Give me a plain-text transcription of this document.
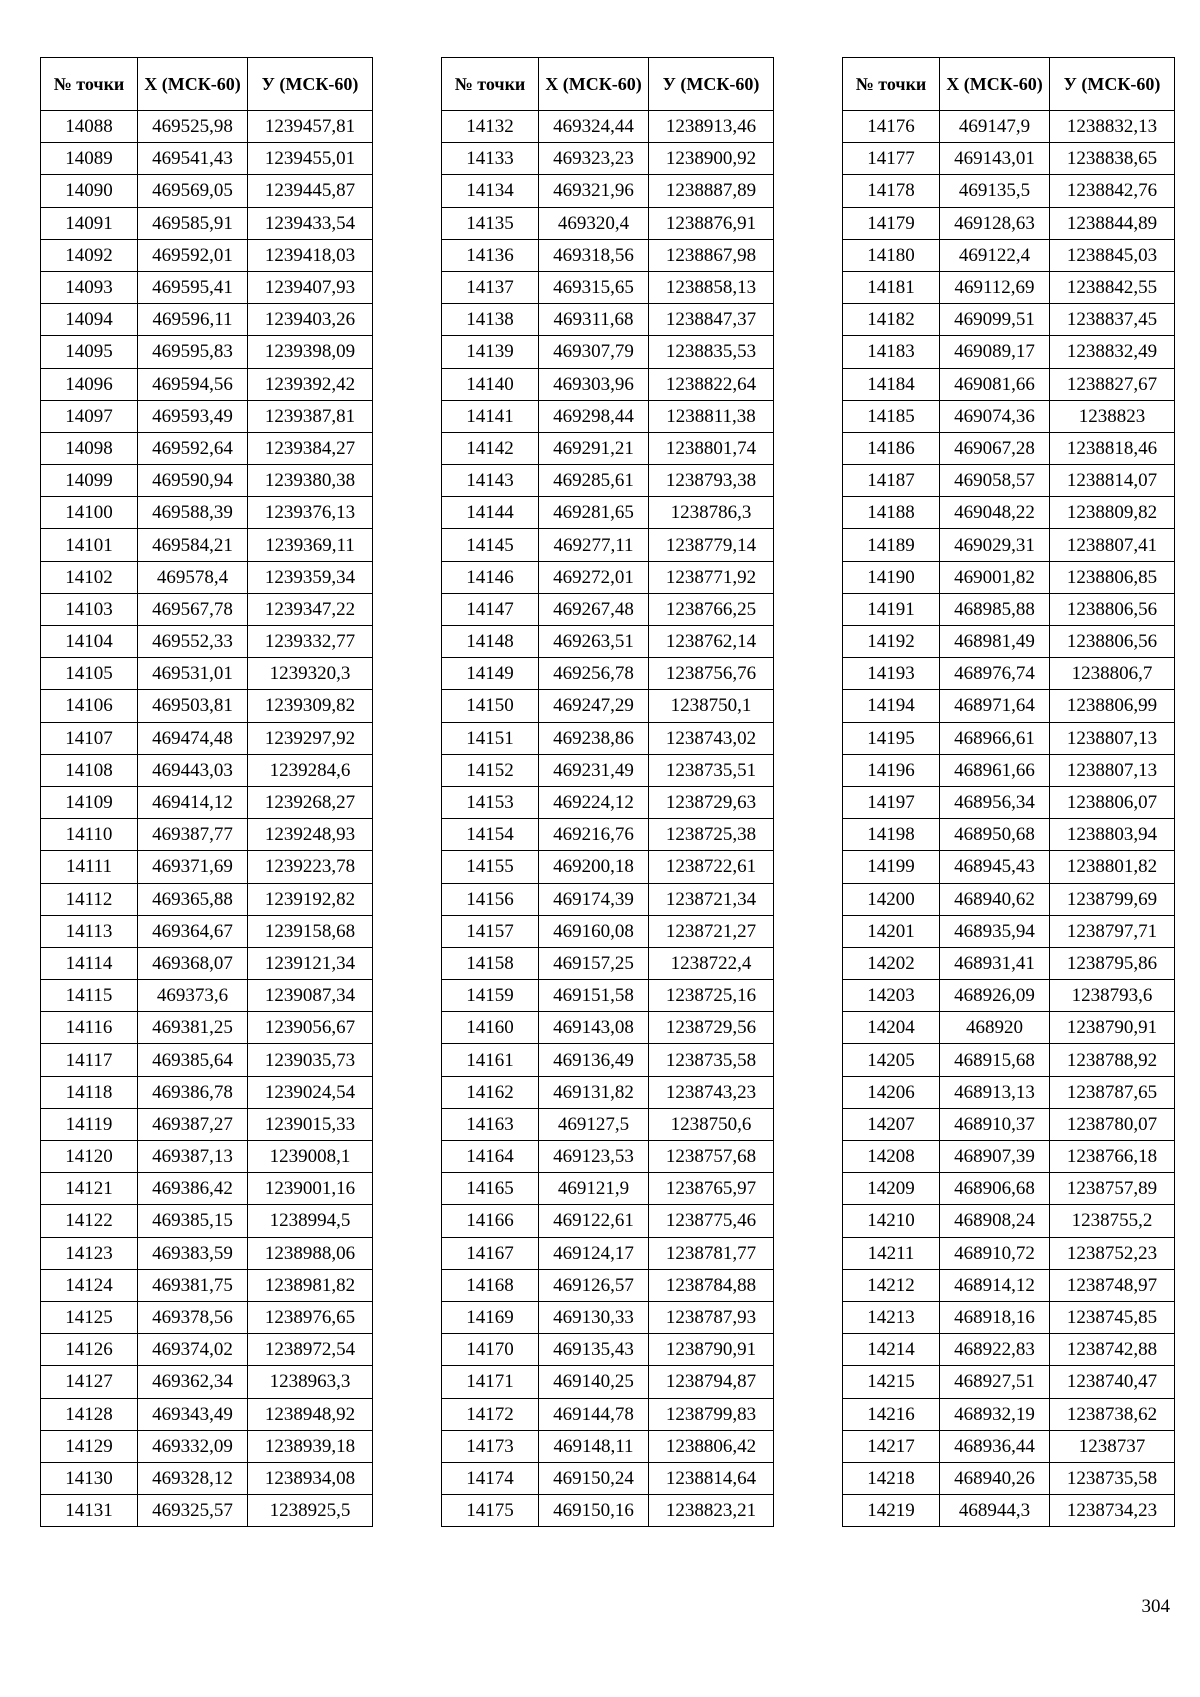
№ точки	Х (МСК-60)	У (МСК-60)
14088	469525,98	1239457,81
14089	469541,43	1239455,01
14090	469569,05	1239445,87
14091	469585,91	1239433,54
14092	469592,01	1239418,03
14093	469595,41	1239407,93
14094	469596,11	1239403,26
14095	469595,83	1239398,09
14096	469594,56	1239392,42
14097	469593,49	1239387,81
14098	469592,64	1239384,27
14099	469590,94	1239380,38
14100	469588,39	1239376,13
14101	469584,21	1239369,11
14102	469578,4	1239359,34
14103	469567,78	1239347,22
14104	469552,33	1239332,77
14105	469531,01	1239320,3
14106	469503,81	1239309,82
14107	469474,48	1239297,92
14108	469443,03	1239284,6
14109	469414,12	1239268,27
14110	469387,77	1239248,93
14111	469371,69	1239223,78
14112	469365,88	1239192,82
14113	469364,67	1239158,68
14114	469368,07	1239121,34
14115	469373,6	1239087,34
14116	469381,25	1239056,67
14117	469385,64	1239035,73
14118	469386,78	1239024,54
14119	469387,27	1239015,33
14120	469387,13	1239008,1
14121	469386,42	1239001,16
14122	469385,15	1238994,5
14123	469383,59	1238988,06
14124	469381,75	1238981,82
14125	469378,56	1238976,65
14126	469374,02	1238972,54
14127	469362,34	1238963,3
14128	469343,49	1238948,92
14129	469332,09	1238939,18
14130	469328,12	1238934,08
14131	469325,57	1238925,5
№ точки	Х (МСК-60)	У (МСК-60)
14132	469324,44	1238913,46
14133	469323,23	1238900,92
14134	469321,96	1238887,89
14135	469320,4	1238876,91
14136	469318,56	1238867,98
14137	469315,65	1238858,13
14138	469311,68	1238847,37
14139	469307,79	1238835,53
14140	469303,96	1238822,64
14141	469298,44	1238811,38
14142	469291,21	1238801,74
14143	469285,61	1238793,38
14144	469281,65	1238786,3
14145	469277,11	1238779,14
14146	469272,01	1238771,92
14147	469267,48	1238766,25
14148	469263,51	1238762,14
14149	469256,78	1238756,76
14150	469247,29	1238750,1
14151	469238,86	1238743,02
14152	469231,49	1238735,51
14153	469224,12	1238729,63
14154	469216,76	1238725,38
14155	469200,18	1238722,61
14156	469174,39	1238721,34
14157	469160,08	1238721,27
14158	469157,25	1238722,4
14159	469151,58	1238725,16
14160	469143,08	1238729,56
14161	469136,49	1238735,58
14162	469131,82	1238743,23
14163	469127,5	1238750,6
14164	469123,53	1238757,68
14165	469121,9	1238765,97
14166	469122,61	1238775,46
14167	469124,17	1238781,77
14168	469126,57	1238784,88
14169	469130,33	1238787,93
14170	469135,43	1238790,91
14171	469140,25	1238794,87
14172	469144,78	1238799,83
14173	469148,11	1238806,42
14174	469150,24	1238814,64
14175	469150,16	1238823,21
№ точки	Х (МСК-60)	У (МСК-60)
14176	469147,9	1238832,13
14177	469143,01	1238838,65
14178	469135,5	1238842,76
14179	469128,63	1238844,89
14180	469122,4	1238845,03
14181	469112,69	1238842,55
14182	469099,51	1238837,45
14183	469089,17	1238832,49
14184	469081,66	1238827,67
14185	469074,36	1238823
14186	469067,28	1238818,46
14187	469058,57	1238814,07
14188	469048,22	1238809,82
14189	469029,31	1238807,41
14190	469001,82	1238806,85
14191	468985,88	1238806,56
14192	468981,49	1238806,56
14193	468976,74	1238806,7
14194	468971,64	1238806,99
14195	468966,61	1238807,13
14196	468961,66	1238807,13
14197	468956,34	1238806,07
14198	468950,68	1238803,94
14199	468945,43	1238801,82
14200	468940,62	1238799,69
14201	468935,94	1238797,71
14202	468931,41	1238795,86
14203	468926,09	1238793,6
14204	468920	1238790,91
14205	468915,68	1238788,92
14206	468913,13	1238787,65
14207	468910,37	1238780,07
14208	468907,39	1238766,18
14209	468906,68	1238757,89
14210	468908,24	1238755,2
14211	468910,72	1238752,23
14212	468914,12	1238748,97
14213	468918,16	1238745,85
14214	468922,83	1238742,88
14215	468927,51	1238740,47
14216	468932,19	1238738,62
14217	468936,44	1238737
14218	468940,26	1238735,58
14219	468944,3	1238734,23
304
